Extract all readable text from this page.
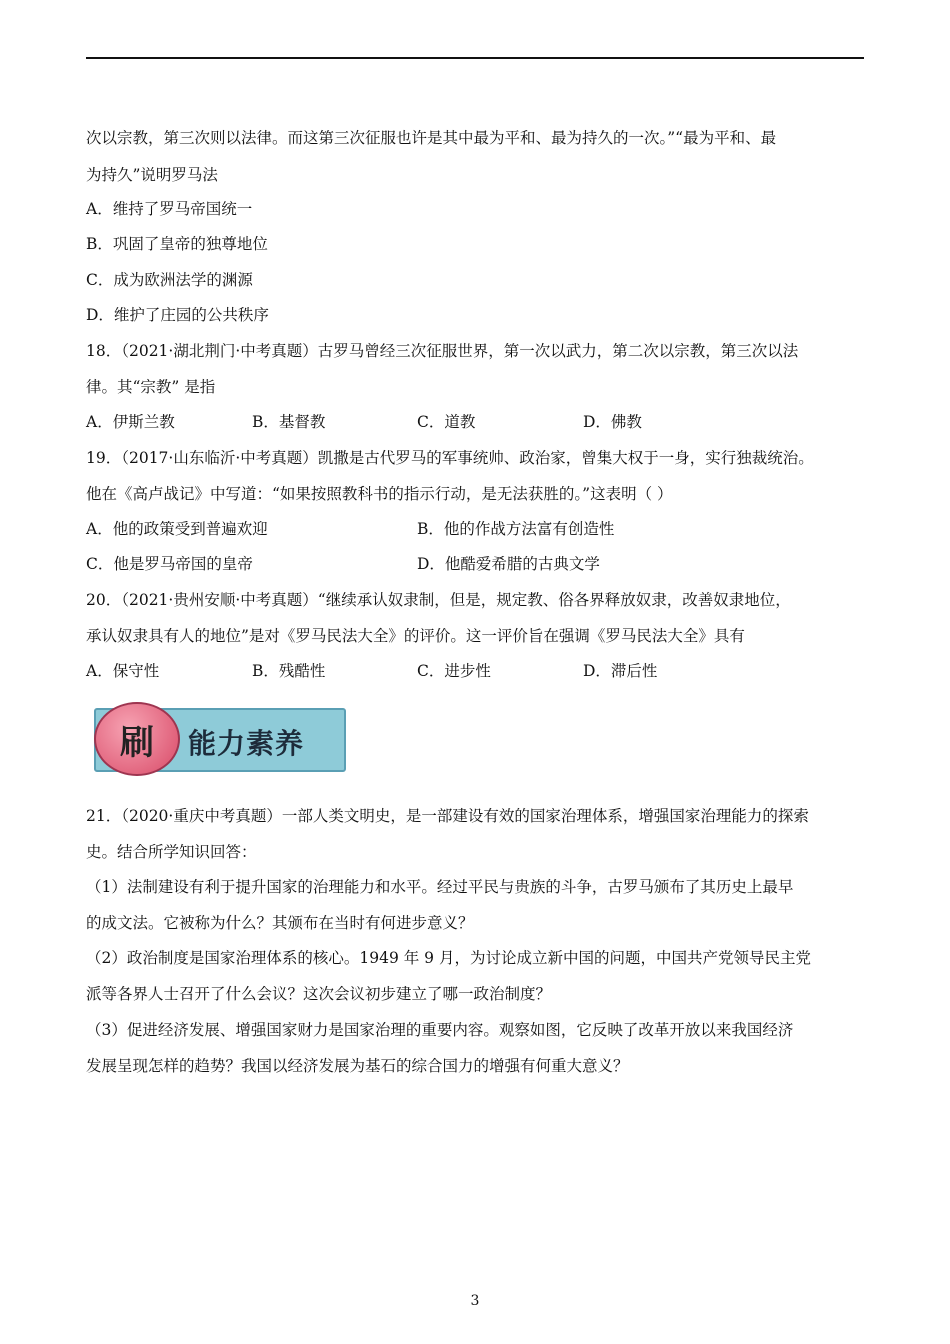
次以宗教，第三次则以法律。而这第三次征服也许是其中最为平和、最为持久的一次。”“最为平和、最
为持久”说明罗马法
A．维持了罗马帝国统一
B．巩固了皇帝的独尊地位
C．成为欧洲法学的渊源
D．维护了庄园的公共秩序
18．（2021·湖北荆门·中考真题）古罗马曾经三次征服世界，第一次以武力，第二次以宗教，第三次以法
律。其“宗教” 是指
A．伊斯兰教	B．基督教	C．道教	D．佛教
19．（2017·山东临沂·中考真题）凯撒是古代罗马的军事统帅、政治家，曾集大权于一身，实行独裁统治。
他在《高卢战记》中写道：“如果按照教科书的指示行动，是无法获胜的。”这表明（ ）
A．他的政策受到普遍欢迎	B．他的作战方法富有创造性
C．他是罗马帝国的皇帝	D．他酷爱希腊的古典文学
20．（2021·贵州安顺·中考真题）“继续承认奴隶制，但是，规定教、俗各界释放奴隶，改善奴隶地位，
承认奴隶具有人的地位”是对《罗马民法大全》的评价。这一评价旨在强调《罗马民法大全》具有
A．保守性	B．残酷性	C．进步性	D．滞后性
刷	能力素养
21．（2020·重庆中考真题）一部人类文明史，是一部建设有效的国家治理体系，增强国家治理能力的探索
史。结合所学知识回答：
（1）法制建设有利于提升国家的治理能力和水平。经过平民与贵族的斗争，古罗马颁布了其历史上最早
的成文法。它被称为什么？其颁布在当时有何进步意义？
（2）政治制度是国家治理体系的核心。1949 年 9 月，为讨论成立新中国的问题，中国共产党领导民主党
派等各界人士召开了什么会议？这次会议初步建立了哪一政治制度？
（3）促进经济发展、增强国家财力是国家治理的重要内容。观察如图，它反映了改革开放以来我国经济
发展呈现怎样的趋势？我国以经济发展为基石的综合国力的增强有何重大意义？
3
